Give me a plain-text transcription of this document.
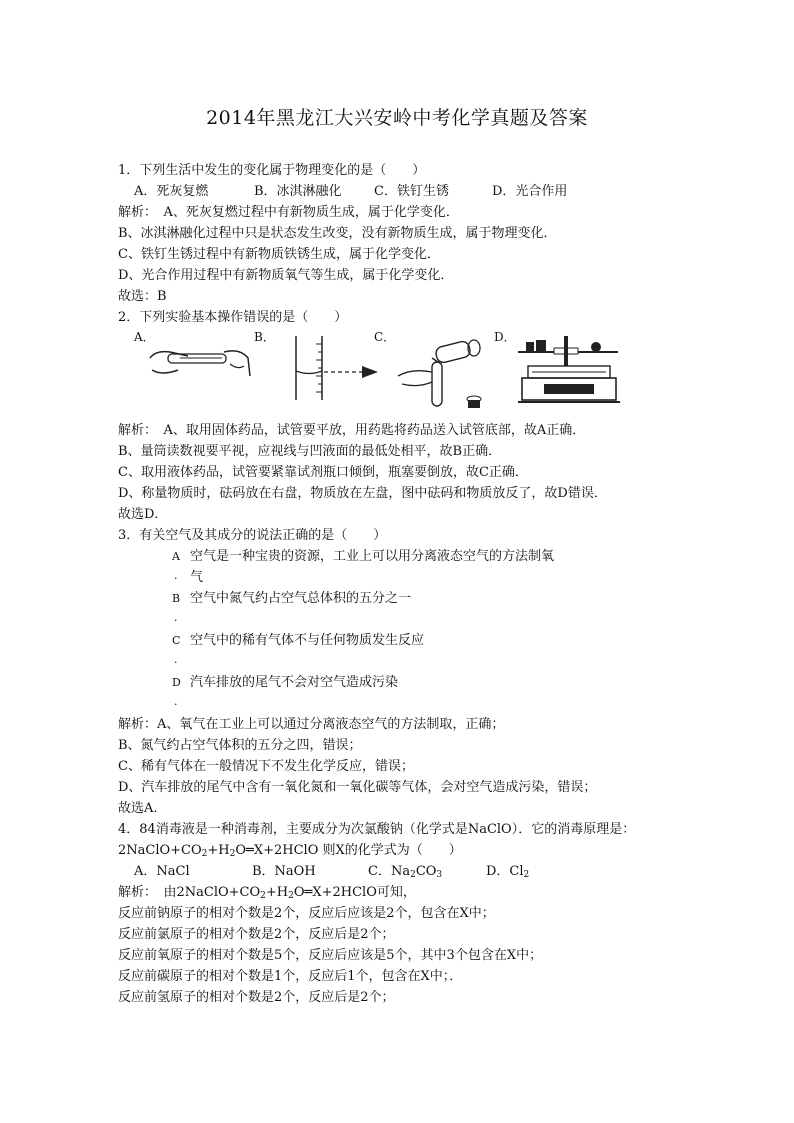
2014年黑龙江大兴安岭中考化学真题及答案
1．下列生活中发生的变化属于物理变化的是（　　）
A．死灰复燃	B．冰淇淋融化	C．铁钉生锈	D．光合作用
解析：　A、死灰复燃过程中有新物质生成，属于化学变化．
B、冰淇淋融化过程中只是状态发生改变，没有新物质生成，属于物理变化．
C、铁钉生锈过程中有新物质铁锈生成，属于化学变化．
D、光合作用过程中有新物质氧气等生成，属于化学变化．
故选：B
2．下列实验基本操作错误的是（　　）
A．	B．	C．	D．
解析：　A、取用固体药品，试管要平放，用药匙将药品送入试管底部，故A正确．
B、量筒读数视要平视，应视线与凹液面的最低处相平，故B正确．
C、取用液体药品，试管要紧靠试剂瓶口倾倒，瓶塞要倒放，故C正确．
D、称量物质时，砝码放在右盘，物质放在左盘，图中砝码和物质放反了，故D错误．
故选D．
3．有关空气及其成分的说法正确的是（　　）
A
.
空气是一种宝贵的资源，工业上可以用分离液态空气的方法制氧
气
B
.
空气中氮气约占空气总体积的五分之一
C
.
空气中的稀有气体不与任何物质发生反应
D
.
汽车排放的尾气不会对空气造成污染
解析：A、氧气在工业上可以通过分离液态空气的方法制取，正确；
B、氮气约占空气体积的五分之四，错误；
C、稀有气体在一般情况下不发生化学反应，错误；
D、汽车排放的尾气中含有一氧化氮和一氧化碳等气体，会对空气造成污染，错误；
故选A.
4．84消毒液是一种消毒剂，主要成分为次氯酸钠（化学式是NaClO）．它的消毒原理是：
$2NaClO+CO_2+H_2O═X+2HClO$ 则X的化学式为（　　）
A．NaCl	B．NaOH	C．$Na_2CO_3$	D．$Cl_2$
解析：　由$2NaClO+CO_2+H_2O═X+2HClO$可知，
反应前钠原子的相对个数是2个，反应后应该是2个，包含在X中；
反应前氯原子的相对个数是2个，反应后是2个；
反应前氧原子的相对个数是5个，反应后应该是5个，其中3个包含在X中；
反应前碳原子的相对个数是1个，反应后1个，包含在X中；．
反应前氢原子的相对个数是2个，反应后是2个；
